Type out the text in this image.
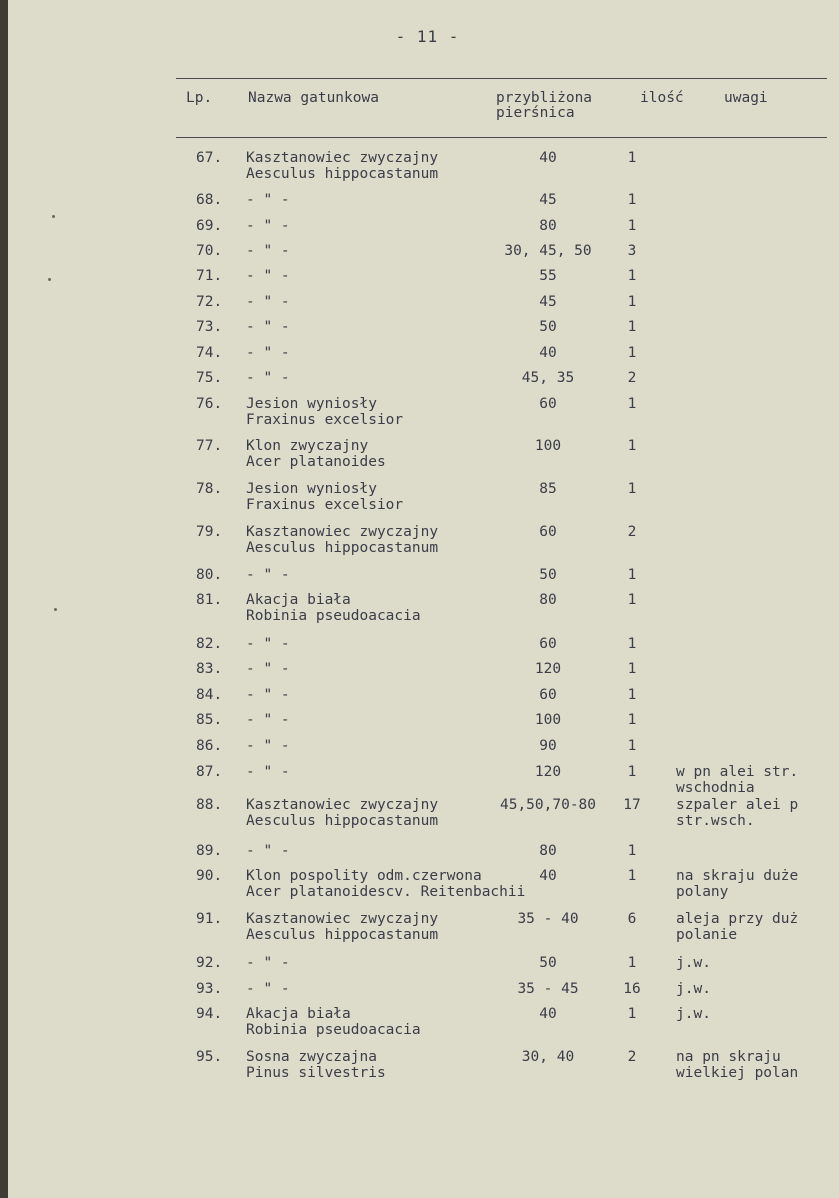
- 11 -
Lp. Nazwa gatunkowa	przybliżona
pierśnica
ilość	uwagi
67. Kasztanowiec zwyczajny
Aesculus hippocastanum
40	1
68. - " -	45	1
69. - " -	80	1
70. - " -	30, 45, 50	3
71. - " -	55	1
72. - " -	45	1
73. - " -	50	1
74. - " -	40	1
75. - " -	45, 35	2
76. Jesion wyniosły
Fraxinus excelsior
60	1
77. Klon zwyczajny
Acer platanoides
100	1
78. Jesion wyniosły
Fraxinus excelsior
85	1
79. Kasztanowiec zwyczajny
Aesculus hippocastanum
60	2
80. - " -	50	1
81. Akacja biała
Robinia pseudoacacia
80	1
82. - " -	60	1
83. - " -	120	1
84. - " -	60	1
85. - " -	100	1
86. - " -	90	1
87. - " -	120	1	w pn alei str.
wschodnia
88. Kasztanowiec zwyczajny
Aesculus hippocastanum
45,50,70-80	17	szpaler alei p
str.wsch.
89. - " -	80	1
90. Klon pospolity odm.czerwona
Acer platanoidescv. Reitenbachii
40	1	na skraju duże
polany
91. Kasztanowiec zwyczajny
Aesculus hippocastanum
35 - 40	6	aleja przy duż
polanie
92. - " -	50	1	j.w.
93. - " -	35 - 45	16	j.w.
94. Akacja biała
Robinia pseudoacacia
40	1	j.w.
95. Sosna zwyczajna
Pinus silvestris
30, 40	2	na pn skraju
wielkiej polan
